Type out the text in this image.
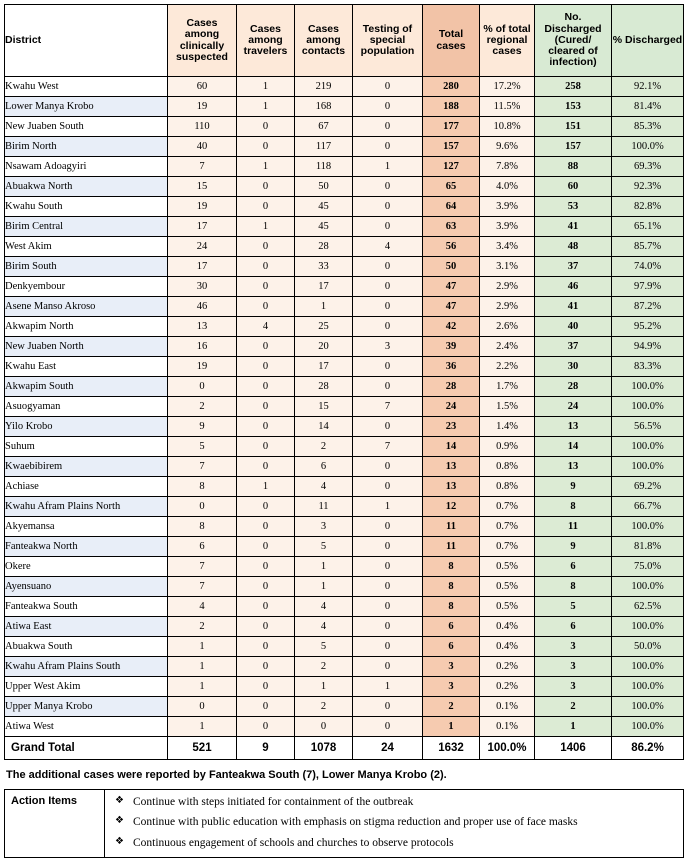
District	Cases among clinically suspected	Cases among travelers	Cases among contacts	Testing of special population	Total cases	% of total regional cases	No. Discharged (Cured/ cleared of infection)	% Discharged
Kwahu West	60	1	219	0	280	17.2%	258	92.1%
Lower Manya Krobo	19	1	168	0	188	11.5%	153	81.4%
New Juaben South	110	0	67	0	177	10.8%	151	85.3%
Birim North	40	0	117	0	157	9.6%	157	100.0%
Nsawam Adoagyiri	7	1	118	1	127	7.8%	88	69.3%
Abuakwa North	15	0	50	0	65	4.0%	60	92.3%
Kwahu South	19	0	45	0	64	3.9%	53	82.8%
Birim Central	17	1	45	0	63	3.9%	41	65.1%
West Akim	24	0	28	4	56	3.4%	48	85.7%
Birim South	17	0	33	0	50	3.1%	37	74.0%
Denkyembour	30	0	17	0	47	2.9%	46	97.9%
Asene Manso Akroso	46	0	1	0	47	2.9%	41	87.2%
Akwapim North	13	4	25	0	42	2.6%	40	95.2%
New Juaben North	16	0	20	3	39	2.4%	37	94.9%
Kwahu East	19	0	17	0	36	2.2%	30	83.3%
Akwapim South	0	0	28	0	28	1.7%	28	100.0%
Asuogyaman	2	0	15	7	24	1.5%	24	100.0%
Yilo Krobo	9	0	14	0	23	1.4%	13	56.5%
Suhum	5	0	2	7	14	0.9%	14	100.0%
Kwaebibirem	7	0	6	0	13	0.8%	13	100.0%
Achiase	8	1	4	0	13	0.8%	9	69.2%
Kwahu Afram Plains North	0	0	11	1	12	0.7%	8	66.7%
Akyemansa	8	0	3	0	11	0.7%	11	100.0%
Fanteakwa North	6	0	5	0	11	0.7%	9	81.8%
Okere	7	0	1	0	8	0.5%	6	75.0%
Ayensuano	7	0	1	0	8	0.5%	8	100.0%
Fanteakwa South	4	0	4	0	8	0.5%	5	62.5%
Atiwa East	2	0	4	0	6	0.4%	6	100.0%
Abuakwa South	1	0	5	0	6	0.4%	3	50.0%
Kwahu Afram Plains South	1	0	2	0	3	0.2%	3	100.0%
Upper West Akim	1	0	1	1	3	0.2%	3	100.0%
Upper Manya Krobo	0	0	2	0	2	0.1%	2	100.0%
Atiwa West	1	0	0	0	1	0.1%	1	100.0%
Grand Total	521	9	1078	24	1632	100.0%	1406	86.2%
The additional cases were reported by Fanteakwa South (7), Lower Manya Krobo (2).
Action Items	❖ Continue with steps initiated for containment of the outbreak
❖ Continue with public education with emphasis on stigma reduction and proper use of face masks
❖ Continuous engagement of schools and churches to observe protocols
